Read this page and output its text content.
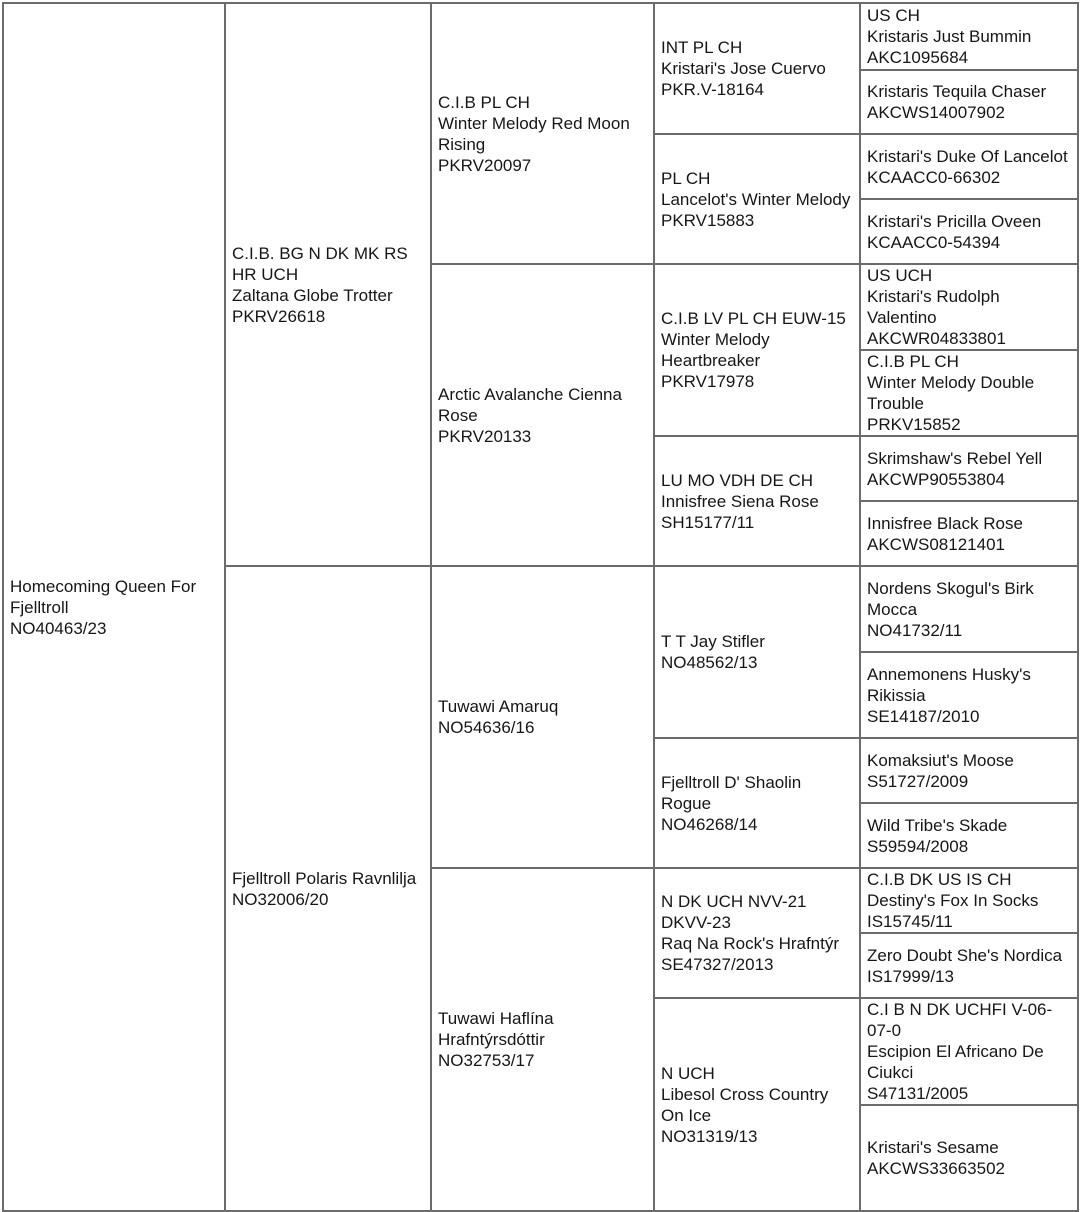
Homecoming Queen For Fjelltroll
NO40463/23
C.I.B. BG N DK MK RS HR UCH
Zaltana Globe Trotter
PKRV26618
Fjelltroll Polaris Ravnlilja
NO32006/20
C.I.B PL CH
Winter Melody Red Moon Rising
PKRV20097
Arctic Avalanche Cienna Rose
PKRV20133
Tuwawi Amaruq
NO54636/16
Tuwawi Haflína Hrafntýrsdóttir
NO32753/17
INT PL CH
Kristari's Jose Cuervo
PKR.V-18164
PL CH
Lancelot's Winter Melody
PKRV15883
C.I.B LV PL CH EUW-15
Winter Melody Heartbreaker
PKRV17978
LU MO VDH DE CH
Innisfree Siena Rose
SH15177/11
T T Jay Stifler
NO48562/13
Fjelltroll D' Shaolin Rogue
NO46268/14
N DK UCH NVV-21 DKVV-23
Raq Na Rock's Hrafntýr
SE47327/2013
N UCH
Libesol Cross Country On Ice
NO31319/13
US CH
Kristaris Just Bummin
AKC1095684
Kristaris Tequila Chaser
AKCWS14007902
Kristari's Duke Of Lancelot
KCAACC0-66302
Kristari's Pricilla Oveen
KCAACC0-54394
US UCH
Kristari's Rudolph Valentino
AKCWR04833801
C.I.B PL CH
Winter Melody Double Trouble
PRKV15852
Skrimshaw's Rebel Yell
AKCWP90553804
Innisfree Black Rose
AKCWS08121401
Nordens Skogul's Birk Mocca
NO41732/11
Annemonens Husky's Rikissia
SE14187/2010
Komaksiut's Moose
S51727/2009
Wild Tribe's Skade
S59594/2008
C.I.B DK US IS CH
Destiny's Fox In Socks
IS15745/11
Zero Doubt She's Nordica
IS17999/13
C.I B N DK UCHFI V-06-07-0
Escipion El Africano De Ciukci
S47131/2005
Kristari's Sesame
AKCWS33663502
